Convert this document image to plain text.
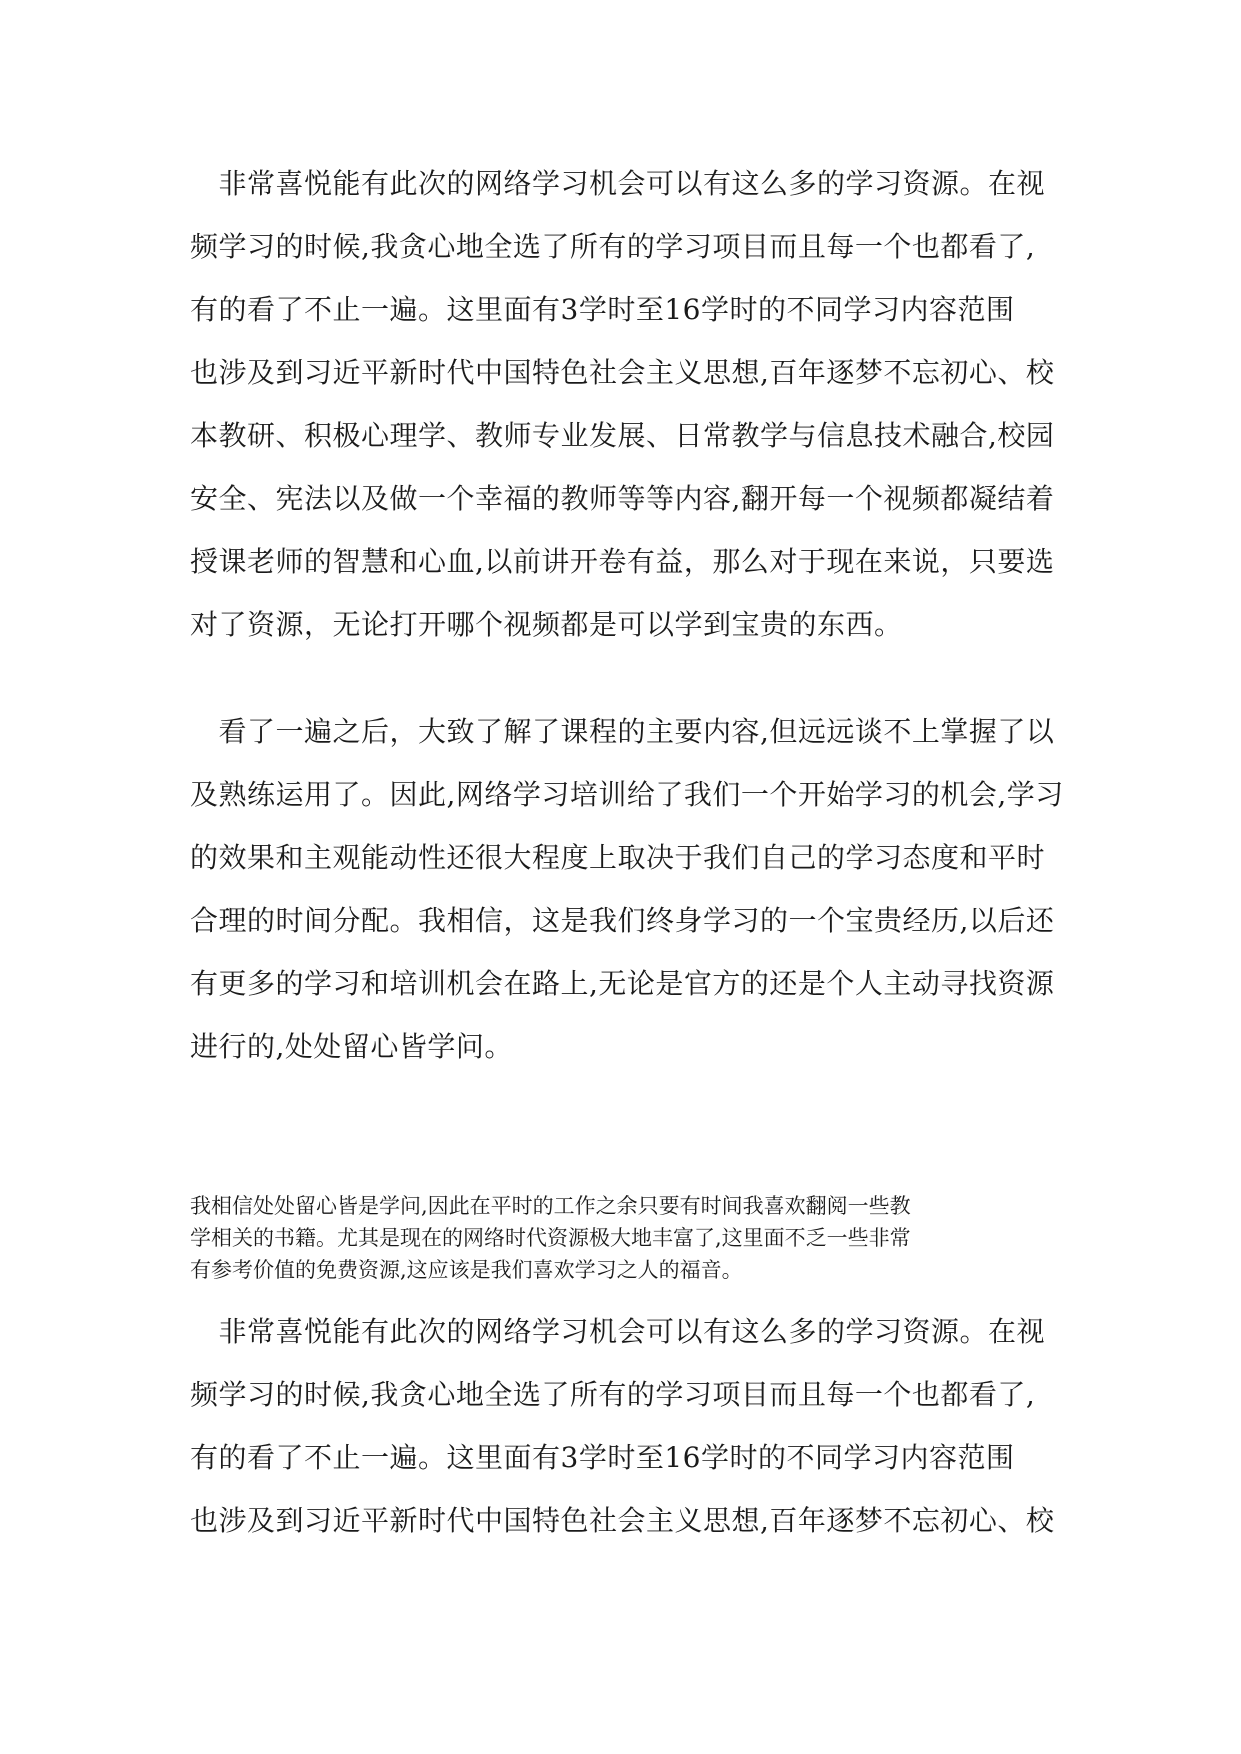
　非常喜悦能有此次的网络学习机会可以有这么多的学习资源。在视
频学习的时候,我贪心地全选了所有的学习项目而且每一个也都看了,
有的看了不止一遍。这里面有3学时至16学时的不同学习内容范围
也涉及到习近平新时代中国特色社会主义思想,百年逐梦不忘初心、校
本教研、积极心理学、教师专业发展、日常教学与信息技术融合,校园
安全、宪法以及做一个幸福的教师等等内容,翻开每一个视频都凝结着
授课老师的智慧和心血,以前讲开卷有益，那么对于现在来说，只要选
对了资源，无论打开哪个视频都是可以学到宝贵的东西。
　看了一遍之后，大致了解了课程的主要内容,但远远谈不上掌握了以
及熟练运用了。因此,网络学习培训给了我们一个开始学习的机会,学习
的效果和主观能动性还很大程度上取决于我们自己的学习态度和平时
合理的时间分配。我相信，这是我们终身学习的一个宝贵经历,以后还
有更多的学习和培训机会在路上,无论是官方的还是个人主动寻找资源
进行的,处处留心皆学问。
我相信处处留心皆是学问,因此在平时的工作之余只要有时间我喜欢翻阅一些教
学相关的书籍。尤其是现在的网络时代资源极大地丰富了,这里面不乏一些非常
有参考价值的免费资源,这应该是我们喜欢学习之人的福音。
　非常喜悦能有此次的网络学习机会可以有这么多的学习资源。在视
频学习的时候,我贪心地全选了所有的学习项目而且每一个也都看了,
有的看了不止一遍。这里面有3学时至16学时的不同学习内容范围
也涉及到习近平新时代中国特色社会主义思想,百年逐梦不忘初心、校
